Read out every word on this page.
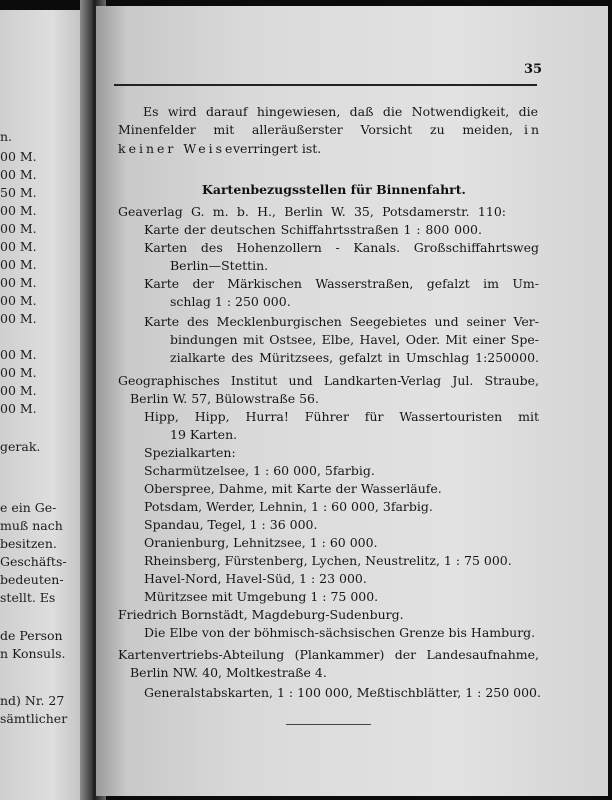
n.
00 M.
00 M.
50 M.
00 M.
00 M.
00 M.
00 M.
00 M.
00 M.
00 M.
00 M.
00 M.
00 M.
00 M.
gerak.
e ein Ge-
muß nach
besitzen.
Geschäfts-
bedeuten-
stellt. Es
de Person
n Konsuls.
nd) Nr. 27
sämtlicher
35
Es wird darauf hingewiesen, daß die Notwendigkeit, die
Minenfelder mit alleräußerster Vorsicht zu meiden, in
keiner Weise
verringert ist.
Kartenbezugsstellen für Binnenfahrt.
Geaverlag G. m. b. H., Berlin W. 35, Potsdamerstr. 110:
Karte der deutschen Schiffahrtsstraßen 1 : 800 000.
Karten des Hohenzollern - Kanals. Großschiffahrtsweg
Berlin—Stettin.
Karte der Märkischen Wasserstraßen, gefalzt im Um-
schlag 1 : 250 000.
Karte des Mecklenburgischen Seegebietes und seiner Ver-
bindungen mit Ostsee, Elbe, Havel, Oder. Mit einer Spe-
zialkarte des Müritzsees, gefalzt in Umschlag 1:250000.
Geographisches Institut und Landkarten-Verlag Jul. Straube,
Berlin W. 57, Bülowstraße 56.
Hipp, Hipp, Hurra! Führer für Wassertouristen mit
19 Karten.
Spezialkarten:
Scharmützelsee, 1 : 60 000, 5farbig.
Oberspree, Dahme, mit Karte der Wasserläufe.
Potsdam, Werder, Lehnin, 1 : 60 000, 3farbig.
Spandau, Tegel, 1 : 36 000.
Oranienburg, Lehnitzsee, 1 : 60 000.
Rheinsberg, Fürstenberg, Lychen, Neustrelitz, 1 : 75 000.
Havel-Nord, Havel-Süd, 1 : 23 000.
Müritzsee mit Umgebung 1 : 75 000.
Friedrich Bornstädt, Magdeburg-Sudenburg.
Die Elbe von der böhmisch-sächsischen Grenze bis Hamburg.
Kartenvertriebs-Abteilung (Plankammer) der Landesaufnahme,
Berlin NW. 40, Moltkestraße 4.
Generalstabskarten, 1 : 100 000, Meßtischblätter, 1 : 250 000.
